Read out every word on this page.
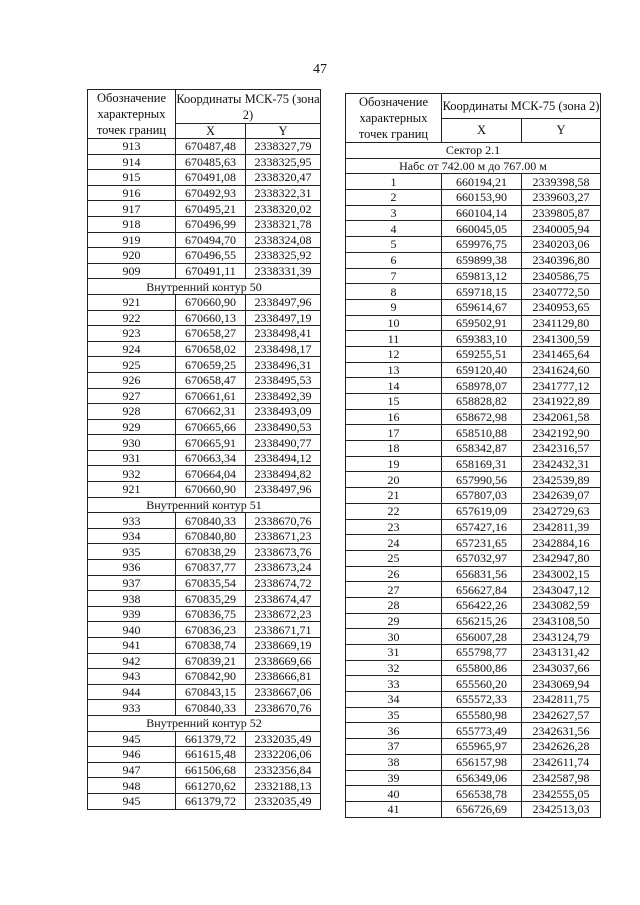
47
Обозначение характерных точек границ	Координаты МСК-75 (зона 2)	
	X	Y
913	670487,48	2338327,79
914	670485,63	2338325,95
915	670491,08	2338320,47
916	670492,93	2338322,31
917	670495,21	2338320,02
918	670496,99	2338321,78
919	670494,70	2338324,08
920	670496,55	2338325,92
909	670491,11	2338331,39
Внутренний контур 50		
921	670660,90	2338497,96
922	670660,13	2338497,19
923	670658,27	2338498,41
924	670658,02	2338498,17
925	670659,25	2338496,31
926	670658,47	2338495,53
927	670661,61	2338492,39
928	670662,31	2338493,09
929	670665,66	2338490,53
930	670665,91	2338490,77
931	670663,34	2338494,12
932	670664,04	2338494,82
921	670660,90	2338497,96
Внутренний контур 51		
933	670840,33	2338670,76
934	670840,80	2338671,23
935	670838,29	2338673,76
936	670837,77	2338673,24
937	670835,54	2338674,72
938	670835,29	2338674,47
939	670836,75	2338672,23
940	670836,23	2338671,71
941	670838,74	2338669,19
942	670839,21	2338669,66
943	670842,90	2338666,81
944	670843,15	2338667,06
933	670840,33	2338670,76
Внутренний контур 52		
945	661379,72	2332035,49
946	661615,48	2332206,06
947	661506,68	2332356,84
948	661270,62	2332188,13
945	661379,72	2332035,49
Обозначение характерных точек границ	Координаты МСК-75 (зона 2)	
	X	Y
Сектор 2.1		
Набс от 742.00 м до 767.00 м		
1	660194,21	2339398,58
2	660153,90	2339603,27
3	660104,14	2339805,87
4	660045,05	2340005,94
5	659976,75	2340203,06
6	659899,38	2340396,80
7	659813,12	2340586,75
8	659718,15	2340772,50
9	659614,67	2340953,65
10	659502,91	2341129,80
11	659383,10	2341300,59
12	659255,51	2341465,64
13	659120,40	2341624,60
14	658978,07	2341777,12
15	658828,82	2341922,89
16	658672,98	2342061,58
17	658510,88	2342192,90
18	658342,87	2342316,57
19	658169,31	2342432,31
20	657990,56	2342539,89
21	657807,03	2342639,07
22	657619,09	2342729,63
23	657427,16	2342811,39
24	657231,65	2342884,16
25	657032,97	2342947,80
26	656831,56	2343002,15
27	656627,84	2343047,12
28	656422,26	2343082,59
29	656215,26	2343108,50
30	656007,28	2343124,79
31	655798,77	2343131,42
32	655800,86	2343037,66
33	655560,20	2343069,94
34	655572,33	2342811,75
35	655580,98	2342627,57
36	655773,49	2342631,56
37	655965,97	2342626,28
38	656157,98	2342611,74
39	656349,06	2342587,98
40	656538,78	2342555,05
41	656726,69	2342513,03
